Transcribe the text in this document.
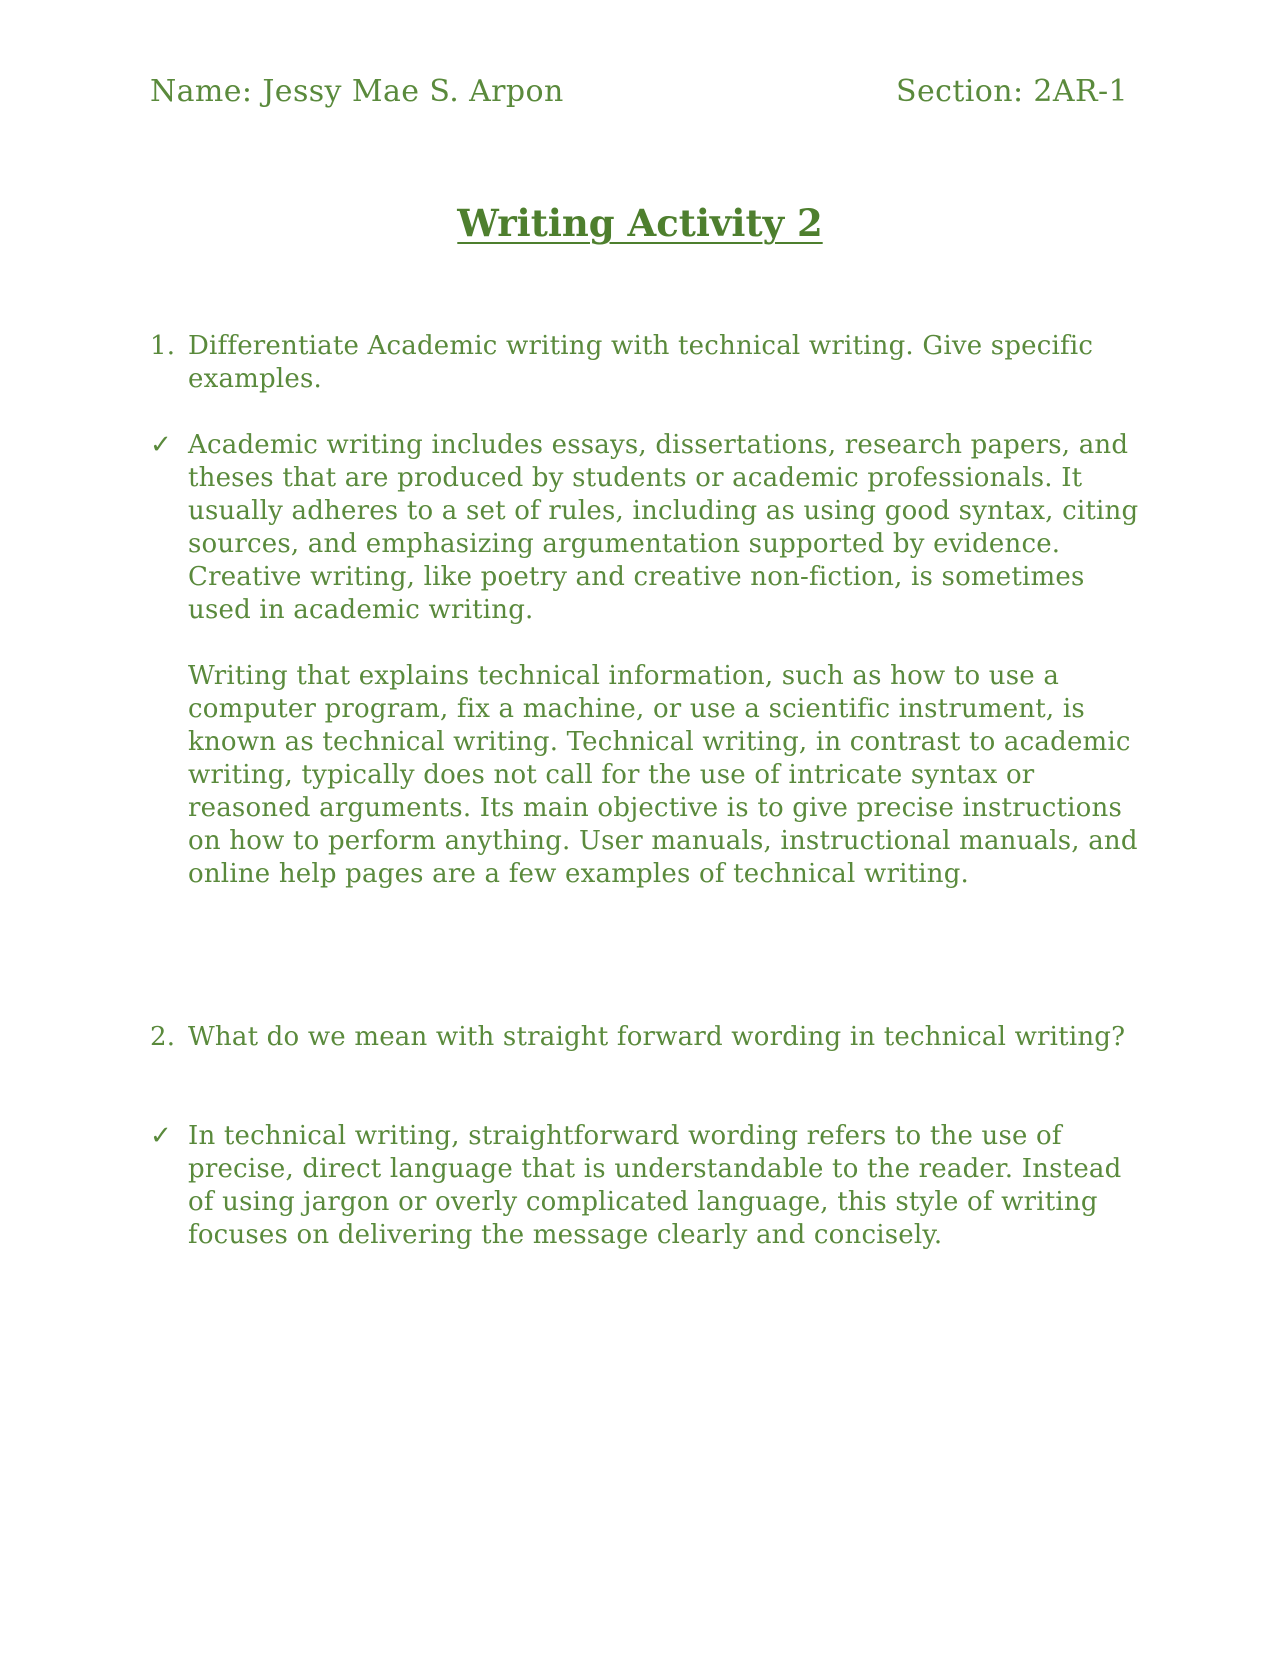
Name: Jessy Mae S. Arpon	Section: 2AR-1
Writing Activity 2
1. Differentiate Academic writing with technical writing. Give specific examples.

✓ Academic writing includes essays, dissertations, research papers, and theses that are produced by students or academic professionals. It usually adheres to a set of rules, including as using good syntax, citing sources, and emphasizing argumentation supported by evidence. Creative writing, like poetry and creative non-fiction, is sometimes used in academic writing.

Writing that explains technical information, such as how to use a computer program, fix a machine, or use a scientific instrument, is known as technical writing. Technical writing, in contrast to academic writing, typically does not call for the use of intricate syntax or reasoned arguments. Its main objective is to give precise instructions on how to perform anything. User manuals, instructional manuals, and online help pages are a few examples of technical writing.

2. What do we mean with straight forward wording in technical writing?

✓ In technical writing, straightforward wording refers to the use of precise, direct language that is understandable to the reader. Instead of using jargon or overly complicated language, this style of writing focuses on delivering the message clearly and concisely.
